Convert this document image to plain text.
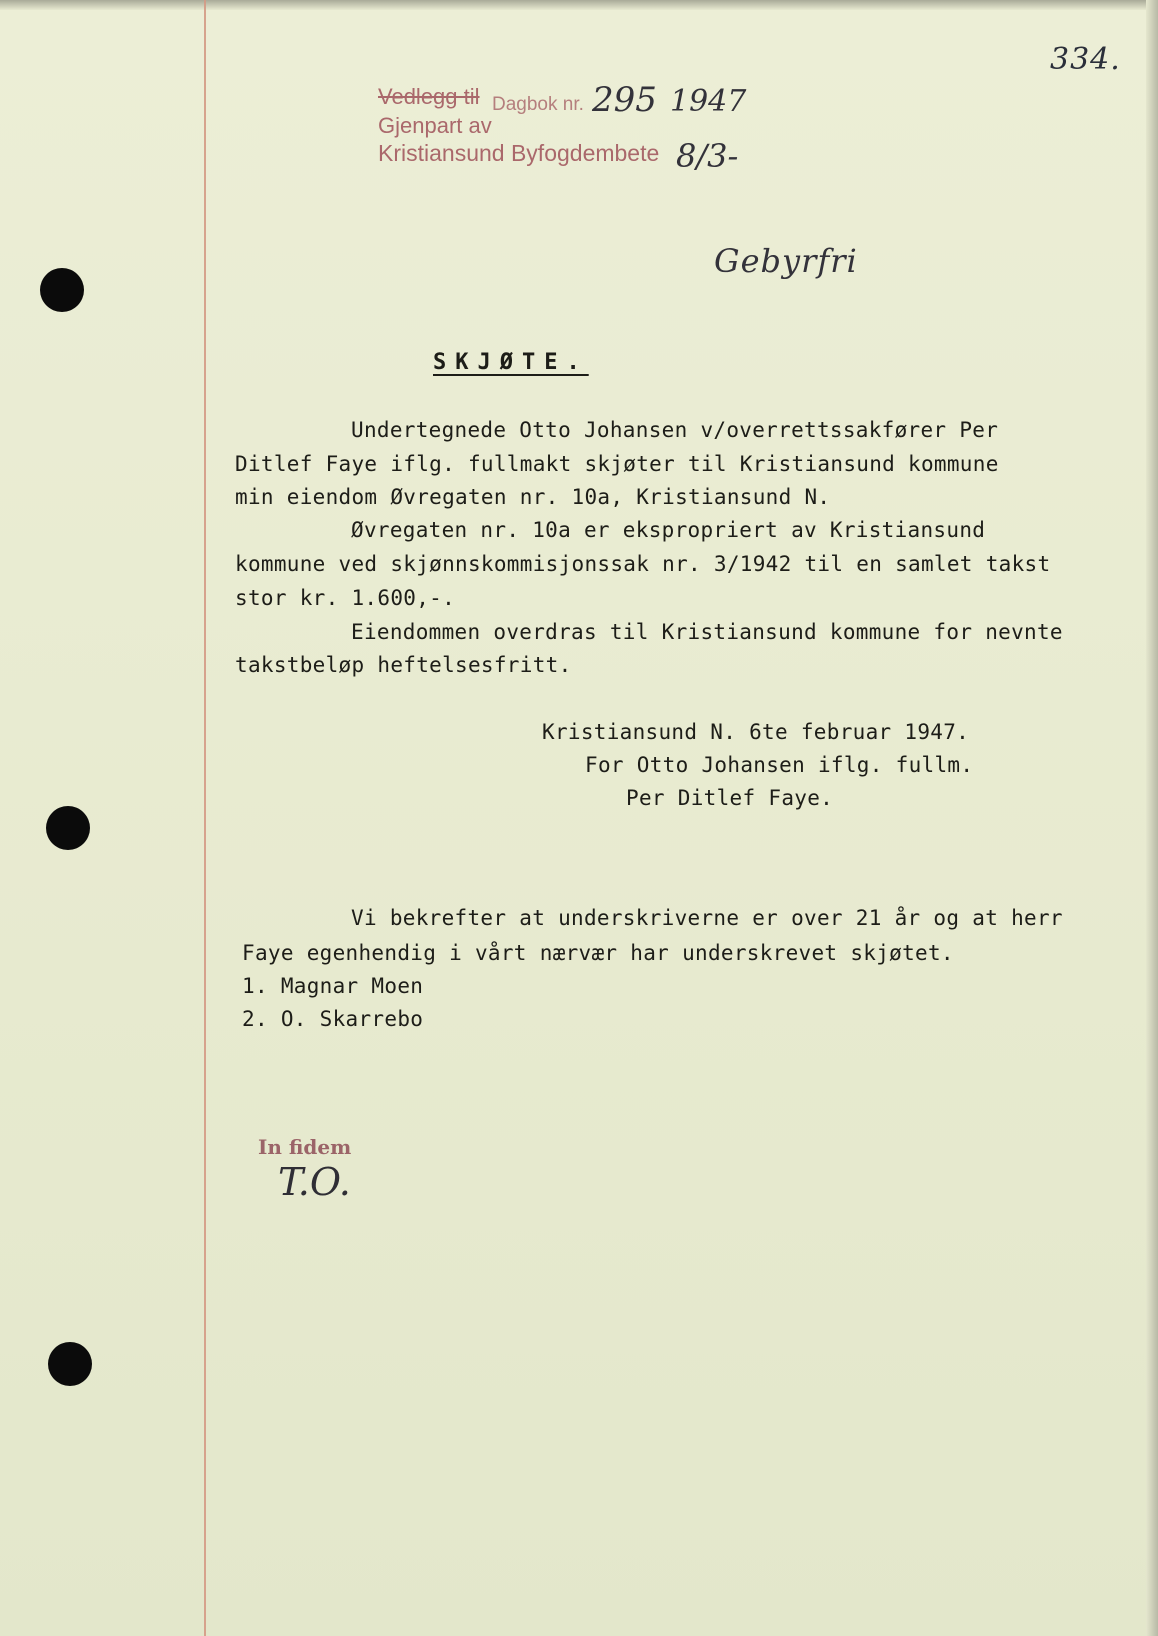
334.
Vedlegg til Dagbok nr.
Gjenpart av
Kristiansund Byfogdembete
295 1947
8/3-
Gebyrfri
SKJØTE.
Undertegnede Otto Johansen v/overrettssakfører Per
Ditlef Faye iflg. fullmakt skjøter til Kristiansund kommune
min eiendom Øvregaten nr. 10a, Kristiansund N.
Øvregaten nr. 10a er ekspropriert av Kristiansund
kommune ved skjønnskommisjonssak nr. 3/1942 til en samlet takst
stor kr. 1.600,-.
Eiendommen overdras til Kristiansund kommune for nevnte
takstbeløp heftelsesfritt.
Kristiansund N. 6te februar 1947.
For Otto Johansen iflg. fullm.
Per Ditlef Faye.
Vi bekrefter at underskriverne er over 21 år og at herr
Faye egenhendig i vårt nærvær har underskrevet skjøtet.
1. Magnar Moen
2. O. Skarrebo
In fidem
T.O.
